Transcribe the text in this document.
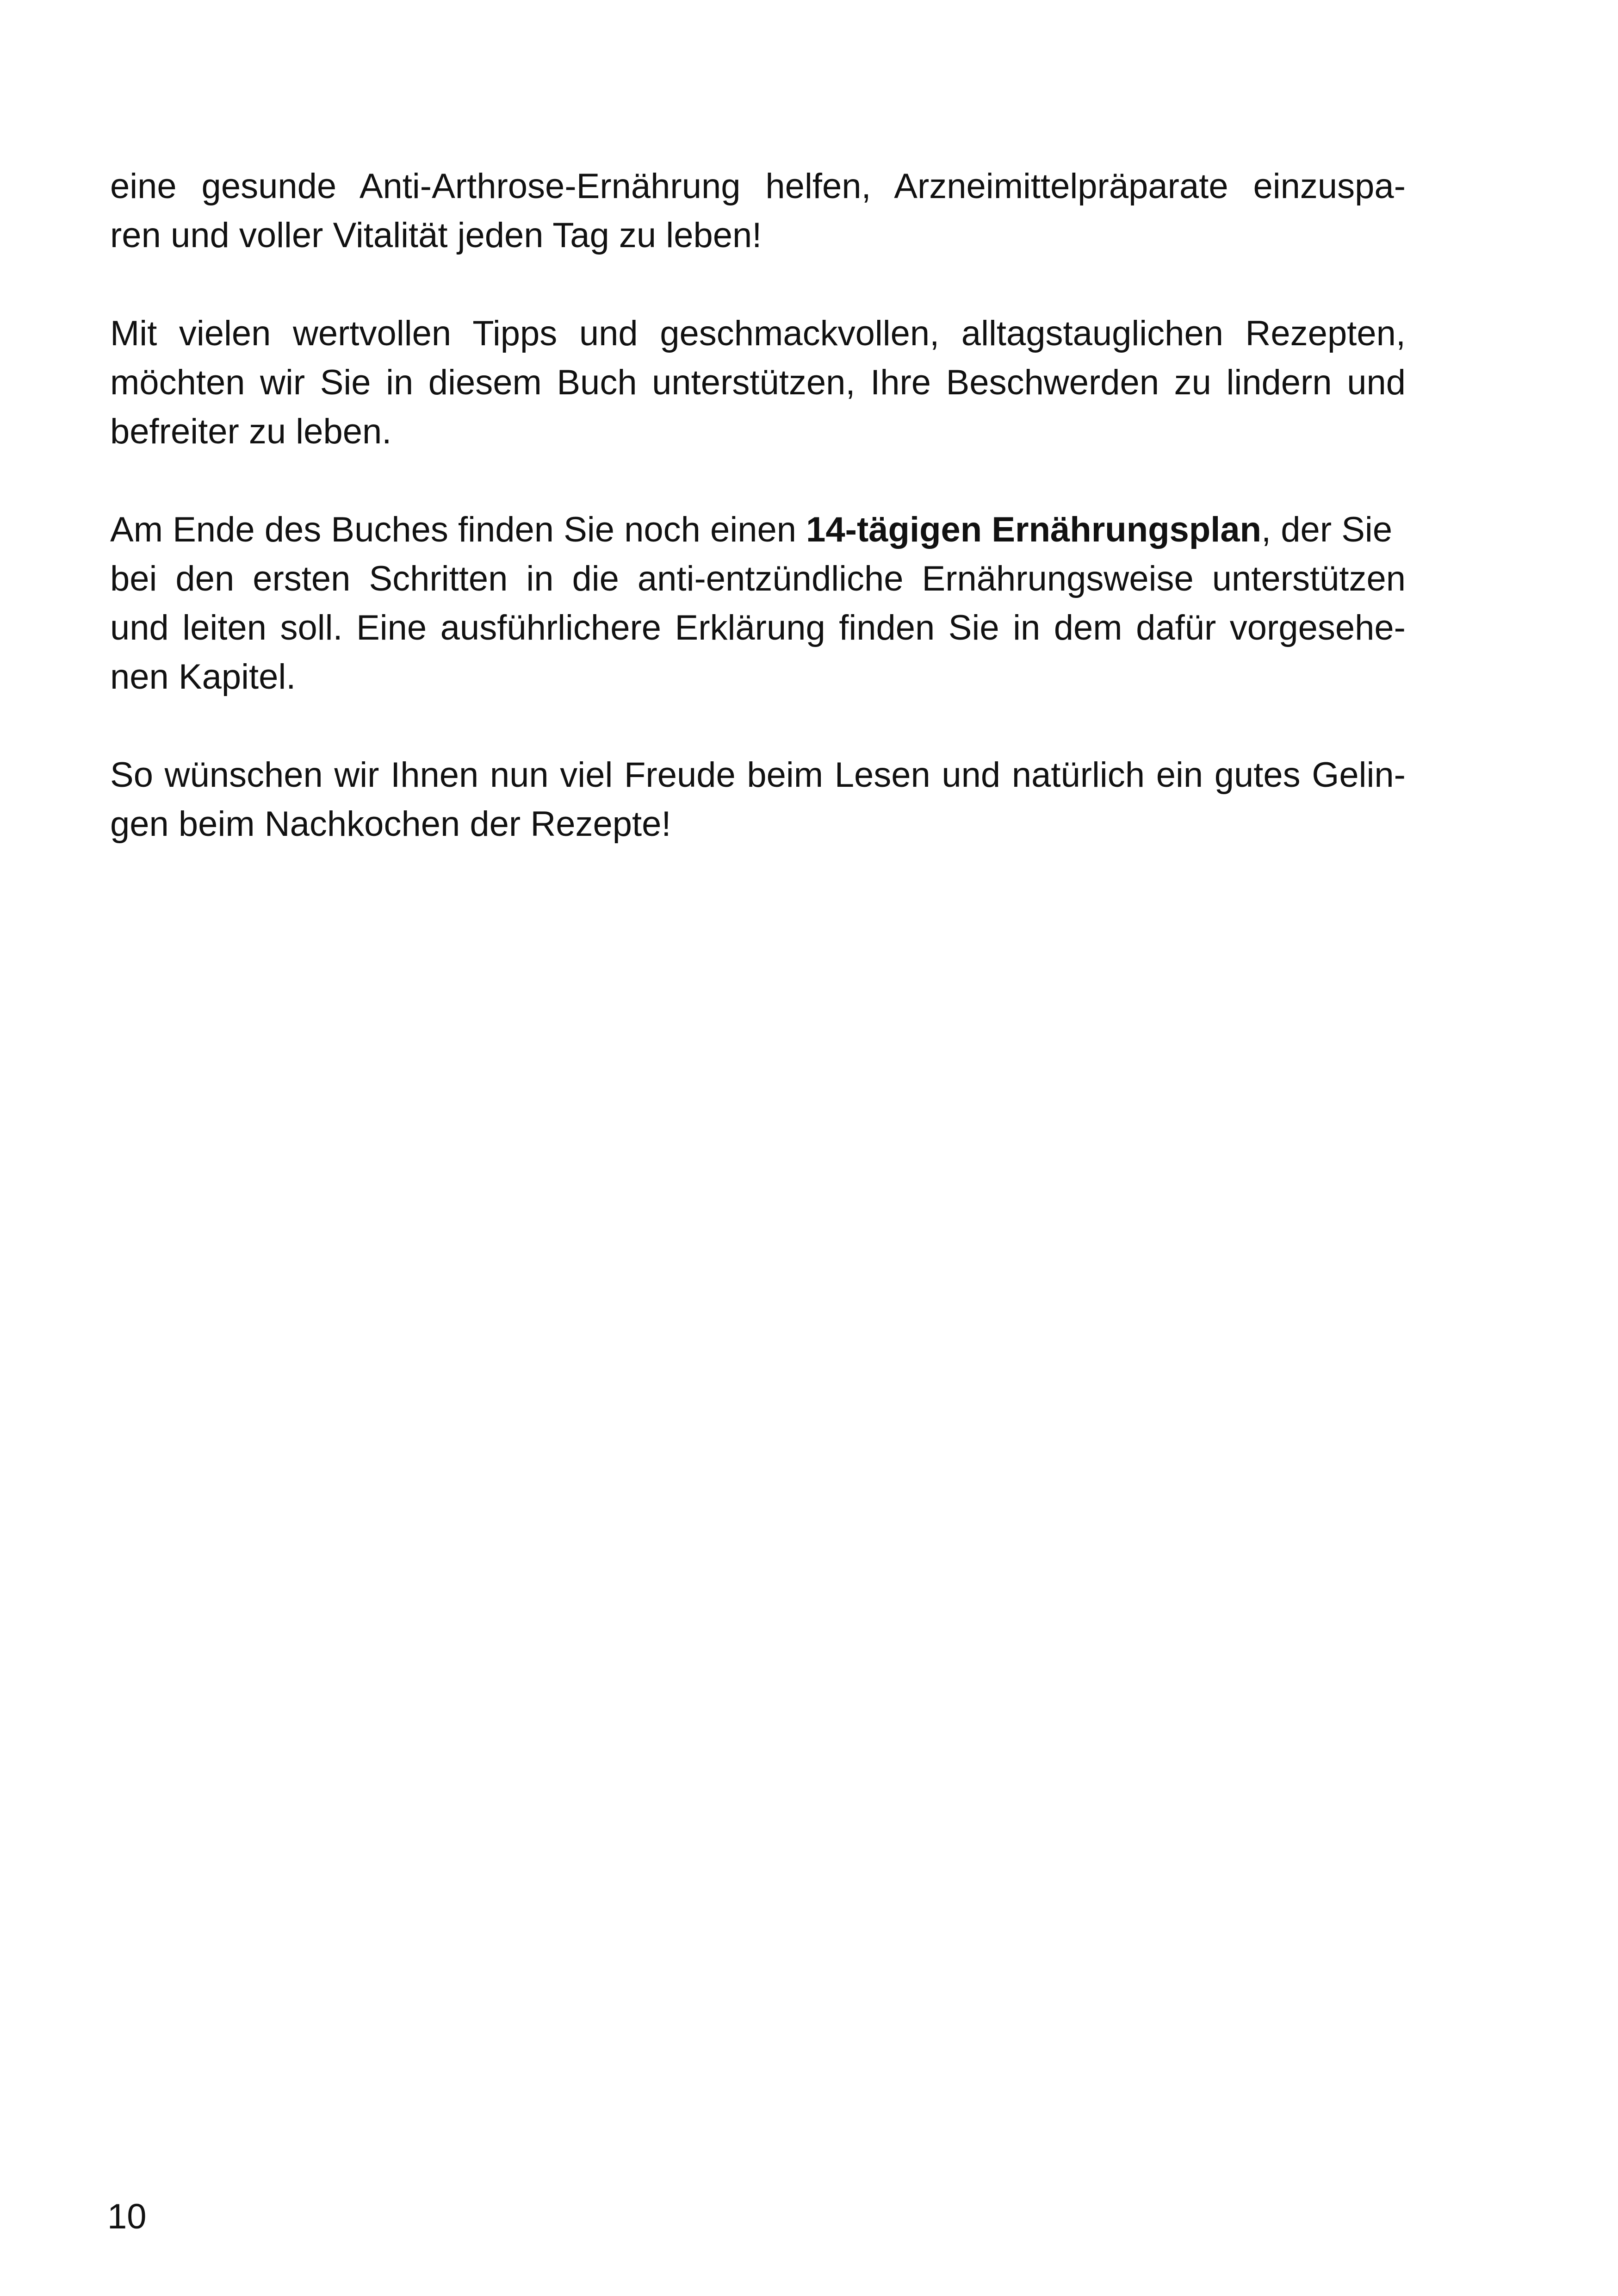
eine gesunde Anti-Arthrose-Ernährung helfen, Arzneimittelpräparate einzuspa-
ren und voller Vitalität jeden Tag zu leben!
Mit vielen wertvollen Tipps und geschmackvollen, alltagstauglichen Rezepten,
möchten wir Sie in diesem Buch unterstützen, Ihre Beschwerden zu lindern und
befreiter zu leben.
Am Ende des Buches finden Sie noch einen 14-tägigen Ernährungsplan , der Sie
bei den ersten Schritten in die anti-entzündliche Ernährungsweise unterstützen
und leiten soll. Eine ausführlichere Erklärung finden Sie in dem dafür vorgesehe-
nen Kapitel.
So wünschen wir Ihnen nun viel Freude beim Lesen und natürlich ein gutes Gelin-
gen beim Nachkochen der Rezepte!
10
